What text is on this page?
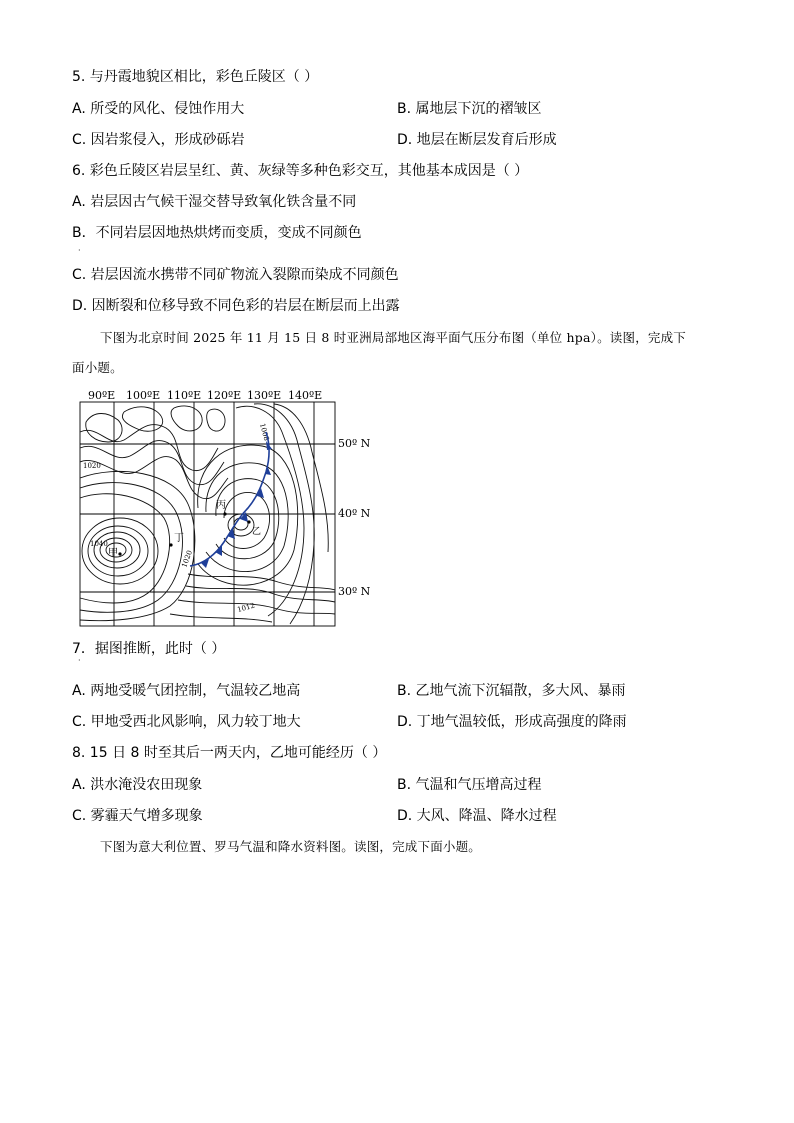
5. 与丹霞地貌区相比，彩色丘陵区（ ）
A. 所受的风化、侵蚀作用大	B. 属地层下沉的褶皱区
C. 因岩浆侵入，形成砂砾岩	D. 地层在断层发育后形成
6. 彩色丘陵区岩层呈红、黄、灰绿等多种色彩交互，其他基本成因是（ ）
A. 岩层因古气候干湿交替导致氧化铁含量不同
B．不同岩层因地热烘烤而变质，变成不同颜色
·
C. 岩层因流水携带不同矿物流入裂隙而染成不同颜色
D. 因断裂和位移导致不同色彩的岩层在断层而上出露
下图为北京时间 2025 年 11 月 15 日 8 时亚洲局部地区海平面气压分布图（单位 hpa）。读图，完成下
面小题。
90ºE 100ºE 110ºE 120ºE 130ºE 140ºE
50º N
40º N
30º N
1008
1020
1040
1020
1012
甲
丙
丁
乙
7．据图推断，此时（ ）
·
A. 两地受暖气团控制，气温较乙地高	B. 乙地气流下沉辐散，多大风、暴雨
C. 甲地受西北风影响，风力较丁地大	D. 丁地气温较低，形成高强度的降雨
8. 15 日 8 时至其后一两天内，乙地可能经历（ ）
A. 洪水淹没农田现象	B. 气温和气压增高过程
C. 雾霾天气增多现象	D. 大风、降温、降水过程
下图为意大利位置、罗马气温和降水资料图。读图，完成下面小题。
